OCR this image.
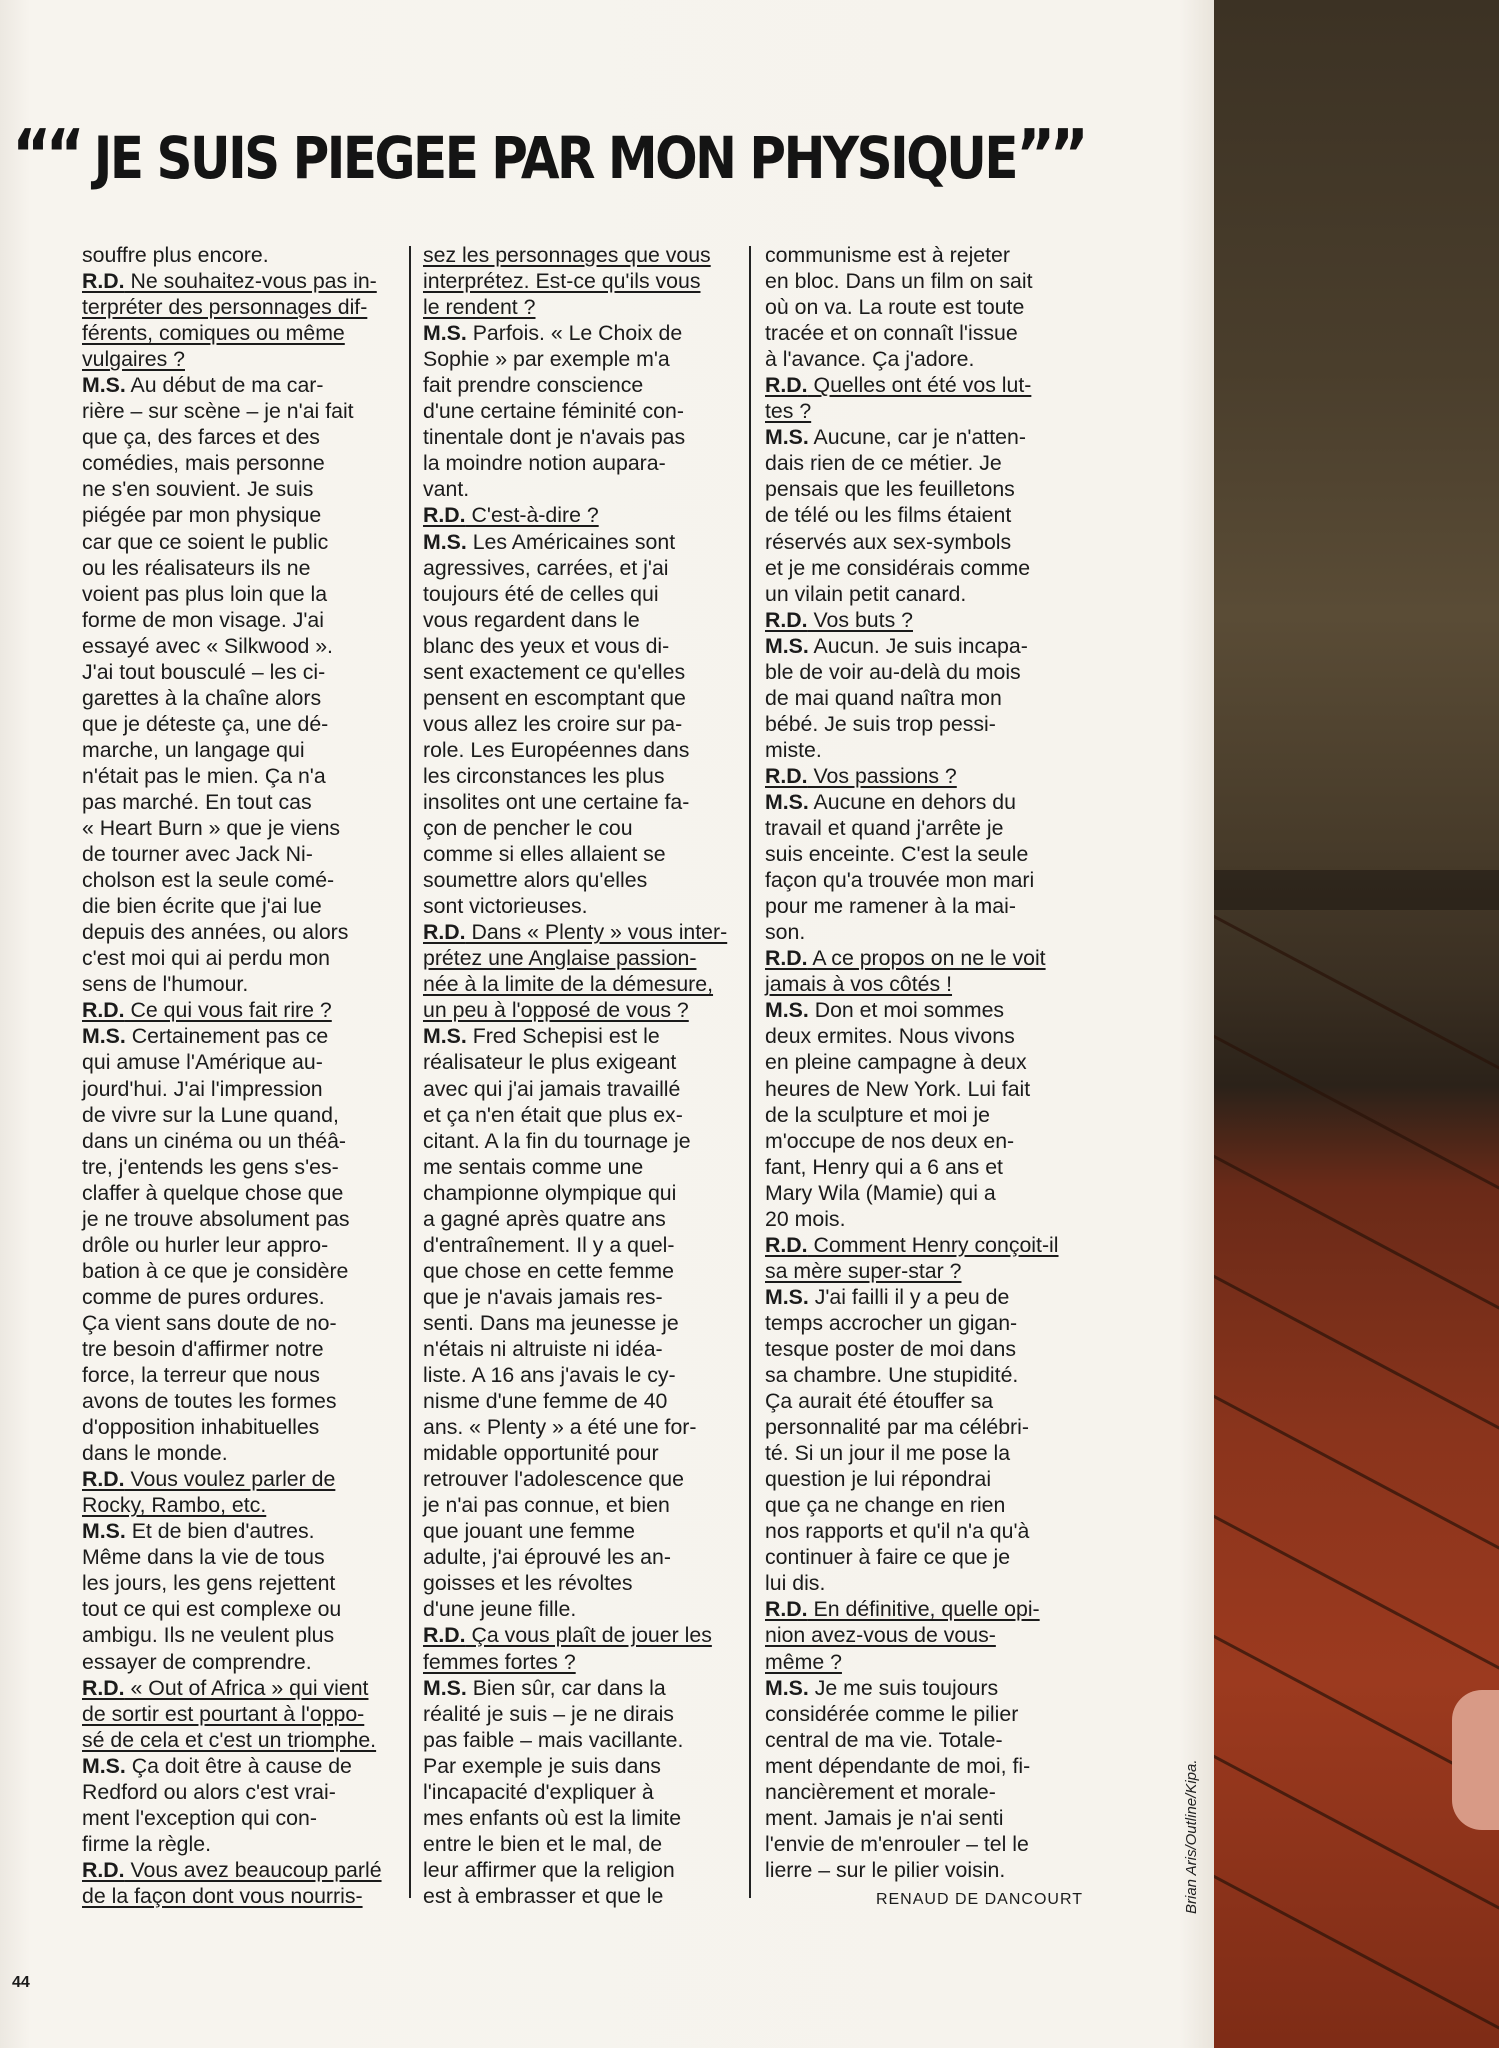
““ JE SUIS PIEGEE PAR MON PHYSIQUE””
souffre plus encore.
R.D. Ne souhaitez-vous pas in-
terpréter des personnages dif-
férents, comiques ou même
vulgaires ?
M.S. Au début de ma car-
rière – sur scène – je n'ai fait
que ça, des farces et des
comédies, mais personne
ne s'en souvient. Je suis
piégée par mon physique
car que ce soient le public
ou les réalisateurs ils ne
voient pas plus loin que la
forme de mon visage. J'ai
essayé avec « Silkwood ».
J'ai tout bousculé – les ci-
garettes à la chaîne alors
que je déteste ça, une dé-
marche, un langage qui
n'était pas le mien. Ça n'a
pas marché. En tout cas
« Heart Burn » que je viens
de tourner avec Jack Ni-
cholson est la seule comé-
die bien écrite que j'ai lue
depuis des années, ou alors
c'est moi qui ai perdu mon
sens de l'humour.
R.D. Ce qui vous fait rire ?
M.S. Certainement pas ce
qui amuse l'Amérique au-
jourd'hui. J'ai l'impression
de vivre sur la Lune quand,
dans un cinéma ou un théâ-
tre, j'entends les gens s'es-
claffer à quelque chose que
je ne trouve absolument pas
drôle ou hurler leur appro-
bation à ce que je considère
comme de pures ordures.
Ça vient sans doute de no-
tre besoin d'affirmer notre
force, la terreur que nous
avons de toutes les formes
d'opposition inhabituelles
dans le monde.
R.D. Vous voulez parler de
Rocky, Rambo, etc.
M.S. Et de bien d'autres.
Même dans la vie de tous
les jours, les gens rejettent
tout ce qui est complexe ou
ambigu. Ils ne veulent plus
essayer de comprendre.
R.D. « Out of Africa » qui vient
de sortir est pourtant à l'oppo-
sé de cela et c'est un triomphe.
M.S. Ça doit être à cause de
Redford ou alors c'est vrai-
ment l'exception qui con-
firme la règle.
R.D. Vous avez beaucoup parlé
de la façon dont vous nourris-
sez les personnages que vous
interprétez. Est-ce qu'ils vous
le rendent ?
M.S. Parfois. « Le Choix de
Sophie » par exemple m'a
fait prendre conscience
d'une certaine féminité con-
tinentale dont je n'avais pas
la moindre notion aupara-
vant.
R.D. C'est-à-dire ?
M.S. Les Américaines sont
agressives, carrées, et j'ai
toujours été de celles qui
vous regardent dans le
blanc des yeux et vous di-
sent exactement ce qu'elles
pensent en escomptant que
vous allez les croire sur pa-
role. Les Européennes dans
les circonstances les plus
insolites ont une certaine fa-
çon de pencher le cou
comme si elles allaient se
soumettre alors qu'elles
sont victorieuses.
R.D. Dans « Plenty » vous inter-
prétez une Anglaise passion-
née à la limite de la démesure,
un peu à l'opposé de vous ?
M.S. Fred Schepisi est le
réalisateur le plus exigeant
avec qui j'ai jamais travaillé
et ça n'en était que plus ex-
citant. A la fin du tournage je
me sentais comme une
championne olympique qui
a gagné après quatre ans
d'entraînement. Il y a quel-
que chose en cette femme
que je n'avais jamais res-
senti. Dans ma jeunesse je
n'étais ni altruiste ni idéa-
liste. A 16 ans j'avais le cy-
nisme d'une femme de 40
ans. « Plenty » a été une for-
midable opportunité pour
retrouver l'adolescence que
je n'ai pas connue, et bien
que jouant une femme
adulte, j'ai éprouvé les an-
goisses et les révoltes
d'une jeune fille.
R.D. Ça vous plaît de jouer les
femmes fortes ?
M.S. Bien sûr, car dans la
réalité je suis – je ne dirais
pas faible – mais vacillante.
Par exemple je suis dans
l'incapacité d'expliquer à
mes enfants où est la limite
entre le bien et le mal, de
leur affirmer que la religion
est à embrasser et que le
communisme est à rejeter
en bloc. Dans un film on sait
où on va. La route est toute
tracée et on connaît l'issue
à l'avance. Ça j'adore.
R.D. Quelles ont été vos lut-
tes ?
M.S. Aucune, car je n'atten-
dais rien de ce métier. Je
pensais que les feuilletons
de télé ou les films étaient
réservés aux sex-symbols
et je me considérais comme
un vilain petit canard.
R.D. Vos buts ?
M.S. Aucun. Je suis incapa-
ble de voir au-delà du mois
de mai quand naîtra mon
bébé. Je suis trop pessi-
miste.
R.D. Vos passions ?
M.S. Aucune en dehors du
travail et quand j'arrête je
suis enceinte. C'est la seule
façon qu'a trouvée mon mari
pour me ramener à la mai-
son.
R.D. A ce propos on ne le voit
jamais à vos côtés !
M.S. Don et moi sommes
deux ermites. Nous vivons
en pleine campagne à deux
heures de New York. Lui fait
de la sculpture et moi je
m'occupe de nos deux en-
fant, Henry qui a 6 ans et
Mary Wila (Mamie) qui a
20 mois.
R.D. Comment Henry conçoit-il
sa mère super-star ?
M.S. J'ai failli il y a peu de
temps accrocher un gigan-
tesque poster de moi dans
sa chambre. Une stupidité.
Ça aurait été étouffer sa
personnalité par ma célébri-
té. Si un jour il me pose la
question je lui répondrai
que ça ne change en rien
nos rapports et qu'il n'a qu'à
continuer à faire ce que je
lui dis.
R.D. En définitive, quelle opi-
nion avez-vous de vous-
même ?
M.S. Je me suis toujours
considérée comme le pilier
central de ma vie. Totale-
ment dépendante de moi, fi-
nancièrement et morale-
ment. Jamais je n'ai senti
l'envie de m'enrouler – tel le
lierre – sur le pilier voisin.
RENAUD DE DANCOURT
44
Brian Aris/Outline/Kipa.
